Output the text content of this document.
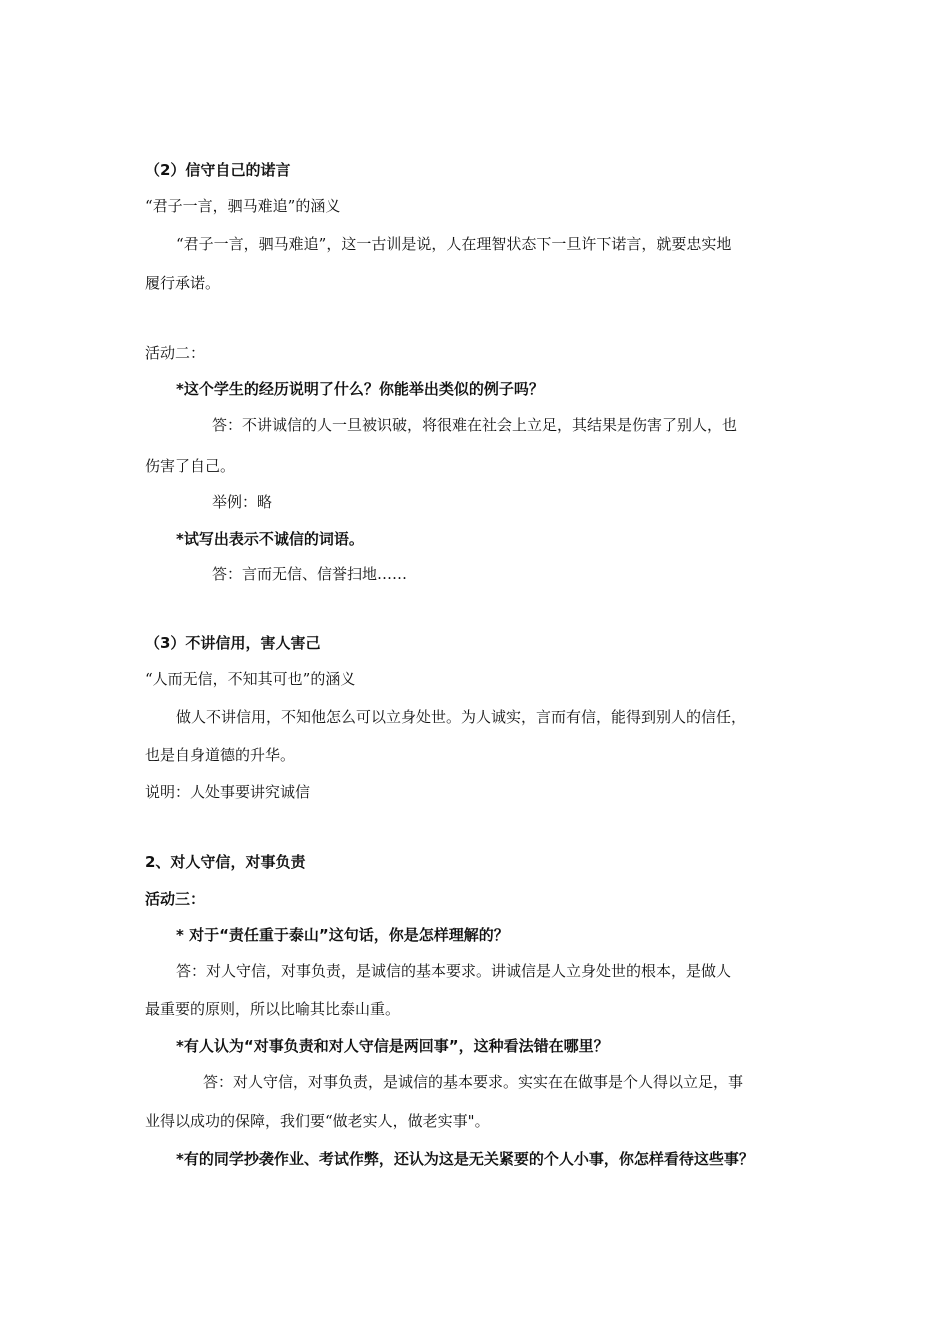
（2）信守自己的诺言
“君子一言，驷马难追”的涵义
“君子一言，驷马难追”，这一古训是说，人在理智状态下一旦许下诺言，就要忠实地
履行承诺。
活动二：
*这个学生的经历说明了什么？你能举出类似的例子吗？
答：不讲诚信的人一旦被识破，将很难在社会上立足，其结果是伤害了别人，也
伤害了自己。
举例：略
*试写出表示不诚信的词语。
答：言而无信、信誉扫地……
（3）不讲信用，害人害己
“人而无信，不知其可也”的涵义
做人不讲信用，不知他怎么可以立身处世。为人诚实，言而有信，能得到别人的信任，
也是自身道德的升华。
说明：人处事要讲究诚信
2、对人守信，对事负责
活动三：
* 对于“责任重于泰山”这句话，你是怎样理解的？
答：对人守信，对事负责，是诚信的基本要求。讲诚信是人立身处世的根本，是做人
最重要的原则，所以比喻其比泰山重。
*有人认为“对事负责和对人守信是两回事”，这种看法错在哪里？
答：对人守信，对事负责，是诚信的基本要求。实实在在做事是个人得以立足，事
业得以成功的保障，我们要“做老实人，做老实事"。
*有的同学抄袭作业、考试作弊，还认为这是无关紧要的个人小事，你怎样看待这些事？
